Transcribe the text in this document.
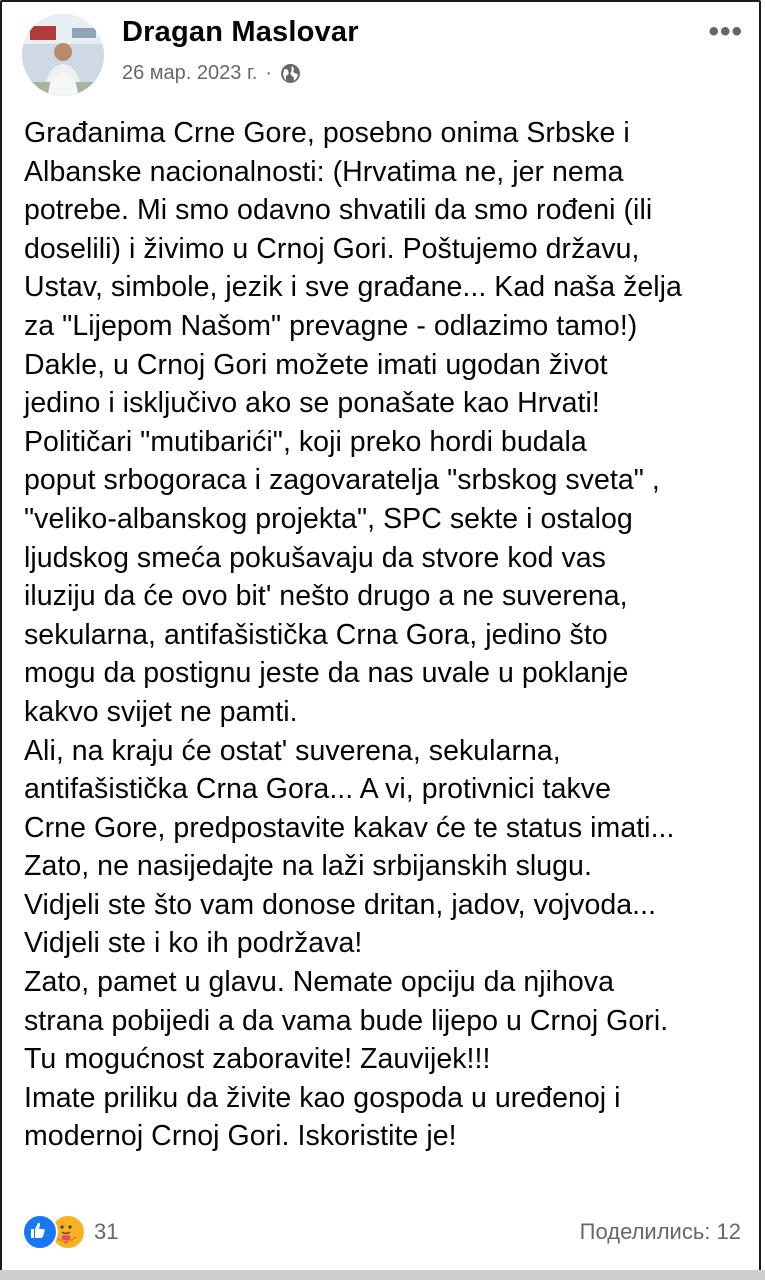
Dragan Maslovar
26 мар. 2023 г. ·
•••
Građanima Crne Gore, posebno onima Srbske i
Albanske nacionalnosti: (Hrvatima ne, jer nema
potrebe. Mi smo odavno shvatili da smo rođeni (ili
doselili) i živimo u Crnoj Gori. Poštujemo državu,
Ustav, simbole, jezik i sve građane... Kad naša želja
za "Lijepom Našom" prevagne - odlazimo tamo!)
Dakle, u Crnoj Gori možete imati ugodan život
jedino i isključivo ako se ponašate kao Hrvati!
Političari "mutibarići", koji preko hordi budala
poput srbogoraca i zagovaratelja "srbskog sveta" ,
"veliko-albanskog projekta", SPC sekte i ostalog
ljudskog smeća pokušavaju da stvore kod vas
iluziju da će ovo bit' nešto drugo a ne suverena,
sekularna, antifašistička Crna Gora, jedino što
mogu da postignu jeste da nas uvale u poklanje
kakvo svijet ne pamti.
Ali, na kraju će ostat' suverena, sekularna,
antifašistička Crna Gora... A vi, protivnici takve
Crne Gore, predpostavite kakav će te status imati...
Zato, ne nasijedajte na laži srbijanskih slugu.
Vidjeli ste što vam donose dritan, jadov, vojvoda...
Vidjeli ste i ko ih podržava!
Zato, pamet u glavu. Nemate opciju da njihova
strana pobijedi a da vama bude lijepo u Crnoj Gori.
Tu mogućnost zaboravite! Zauvijek!!!
Imate priliku da živite kao gospoda u uređenoj i
modernoj Crnoj Gori. Iskoristite je!
31	Поделились: 12
